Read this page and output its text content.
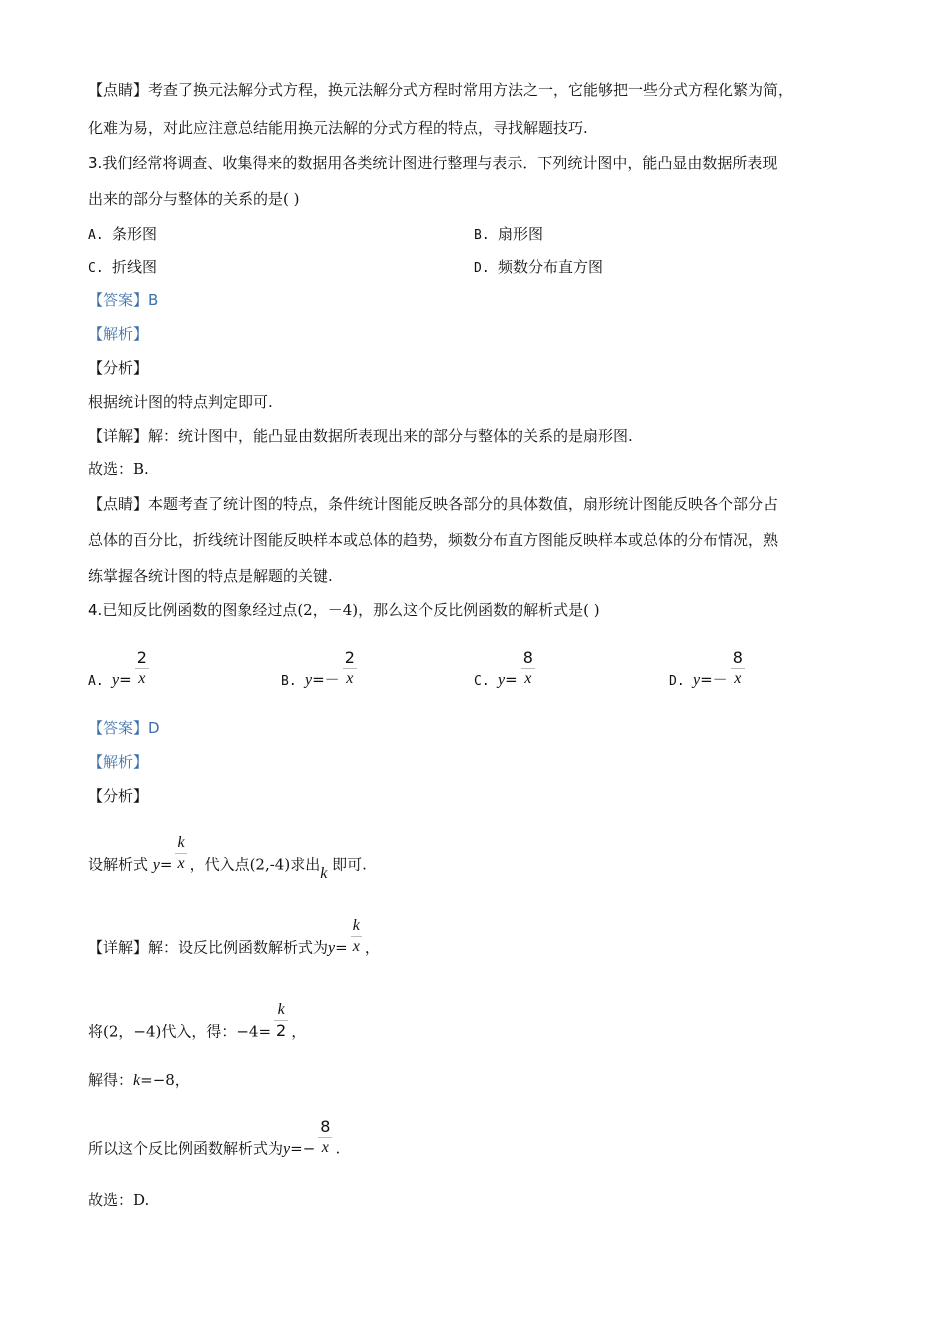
【点睛】考查了换元法解分式方程，换元法解分式方程时常用方法之一，它能够把一些分式方程化繁为简，
化难为易，对此应注意总结能用换元法解的分式方程的特点，寻找解题技巧.
3.我们经常将调查、收集得来的数据用各类统计图进行整理与表示．下列统计图中，能凸显由数据所表现
出来的部分与整体的关系的是( )
A. 条形图	B. 扇形图
C. 折线图	D. 频数分布直方图
【答案】B
【解析】
【分析】
根据统计图的特点判定即可.
【详解】解：统计图中，能凸显由数据所表现出来的部分与整体的关系的是扇形图.
故选：B.
【点睛】本题考查了统计图的特点，条件统计图能反映各部分的具体数值，扇形统计图能反映各个部分占
总体的百分比，折线统计图能反映样本或总体的趋势，频数分布直方图能反映样本或总体的分布情况，熟
练掌握各统计图的特点是解题的关键.
4.已知反比例函数的图象经过点(2，－4)，那么这个反比例函数的解析式是( )
A. $y= \frac{2}{x}$	B. $y=- \frac{2}{x}$	C. $y= \frac{8}{x}$	D. $y=- \frac{8}{x}$
【答案】D
【解析】
【分析】
设解析式 $y= \frac{k}{x}$ ，代入点(2,-4)求出k 即可.
【详解】解：设反比例函数解析式为$y= \frac{k}{x}$ ，
将(2，−4)代入，得：$-4= \frac{k}{2}$ ，
解得：k=−8，
所以这个反比例函数解析式为$y=- \frac{8}{x}$ .
故选：D.
